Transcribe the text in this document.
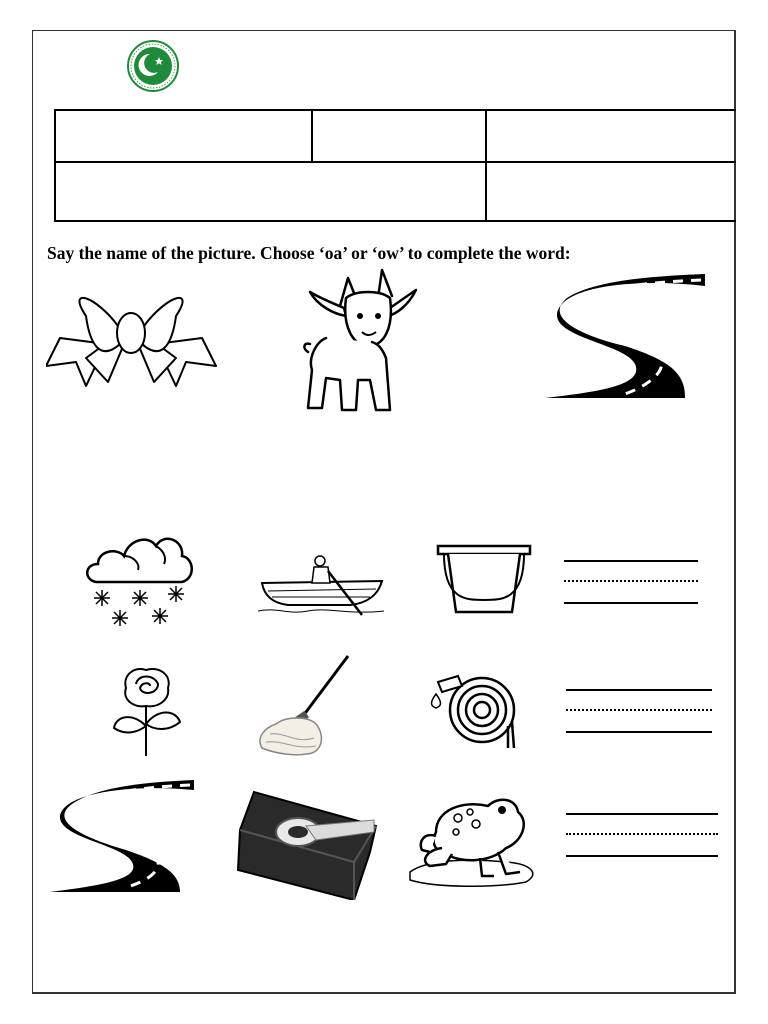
Say the name of the picture. Choose ‘oa’ or ‘ow’ to complete the word:
